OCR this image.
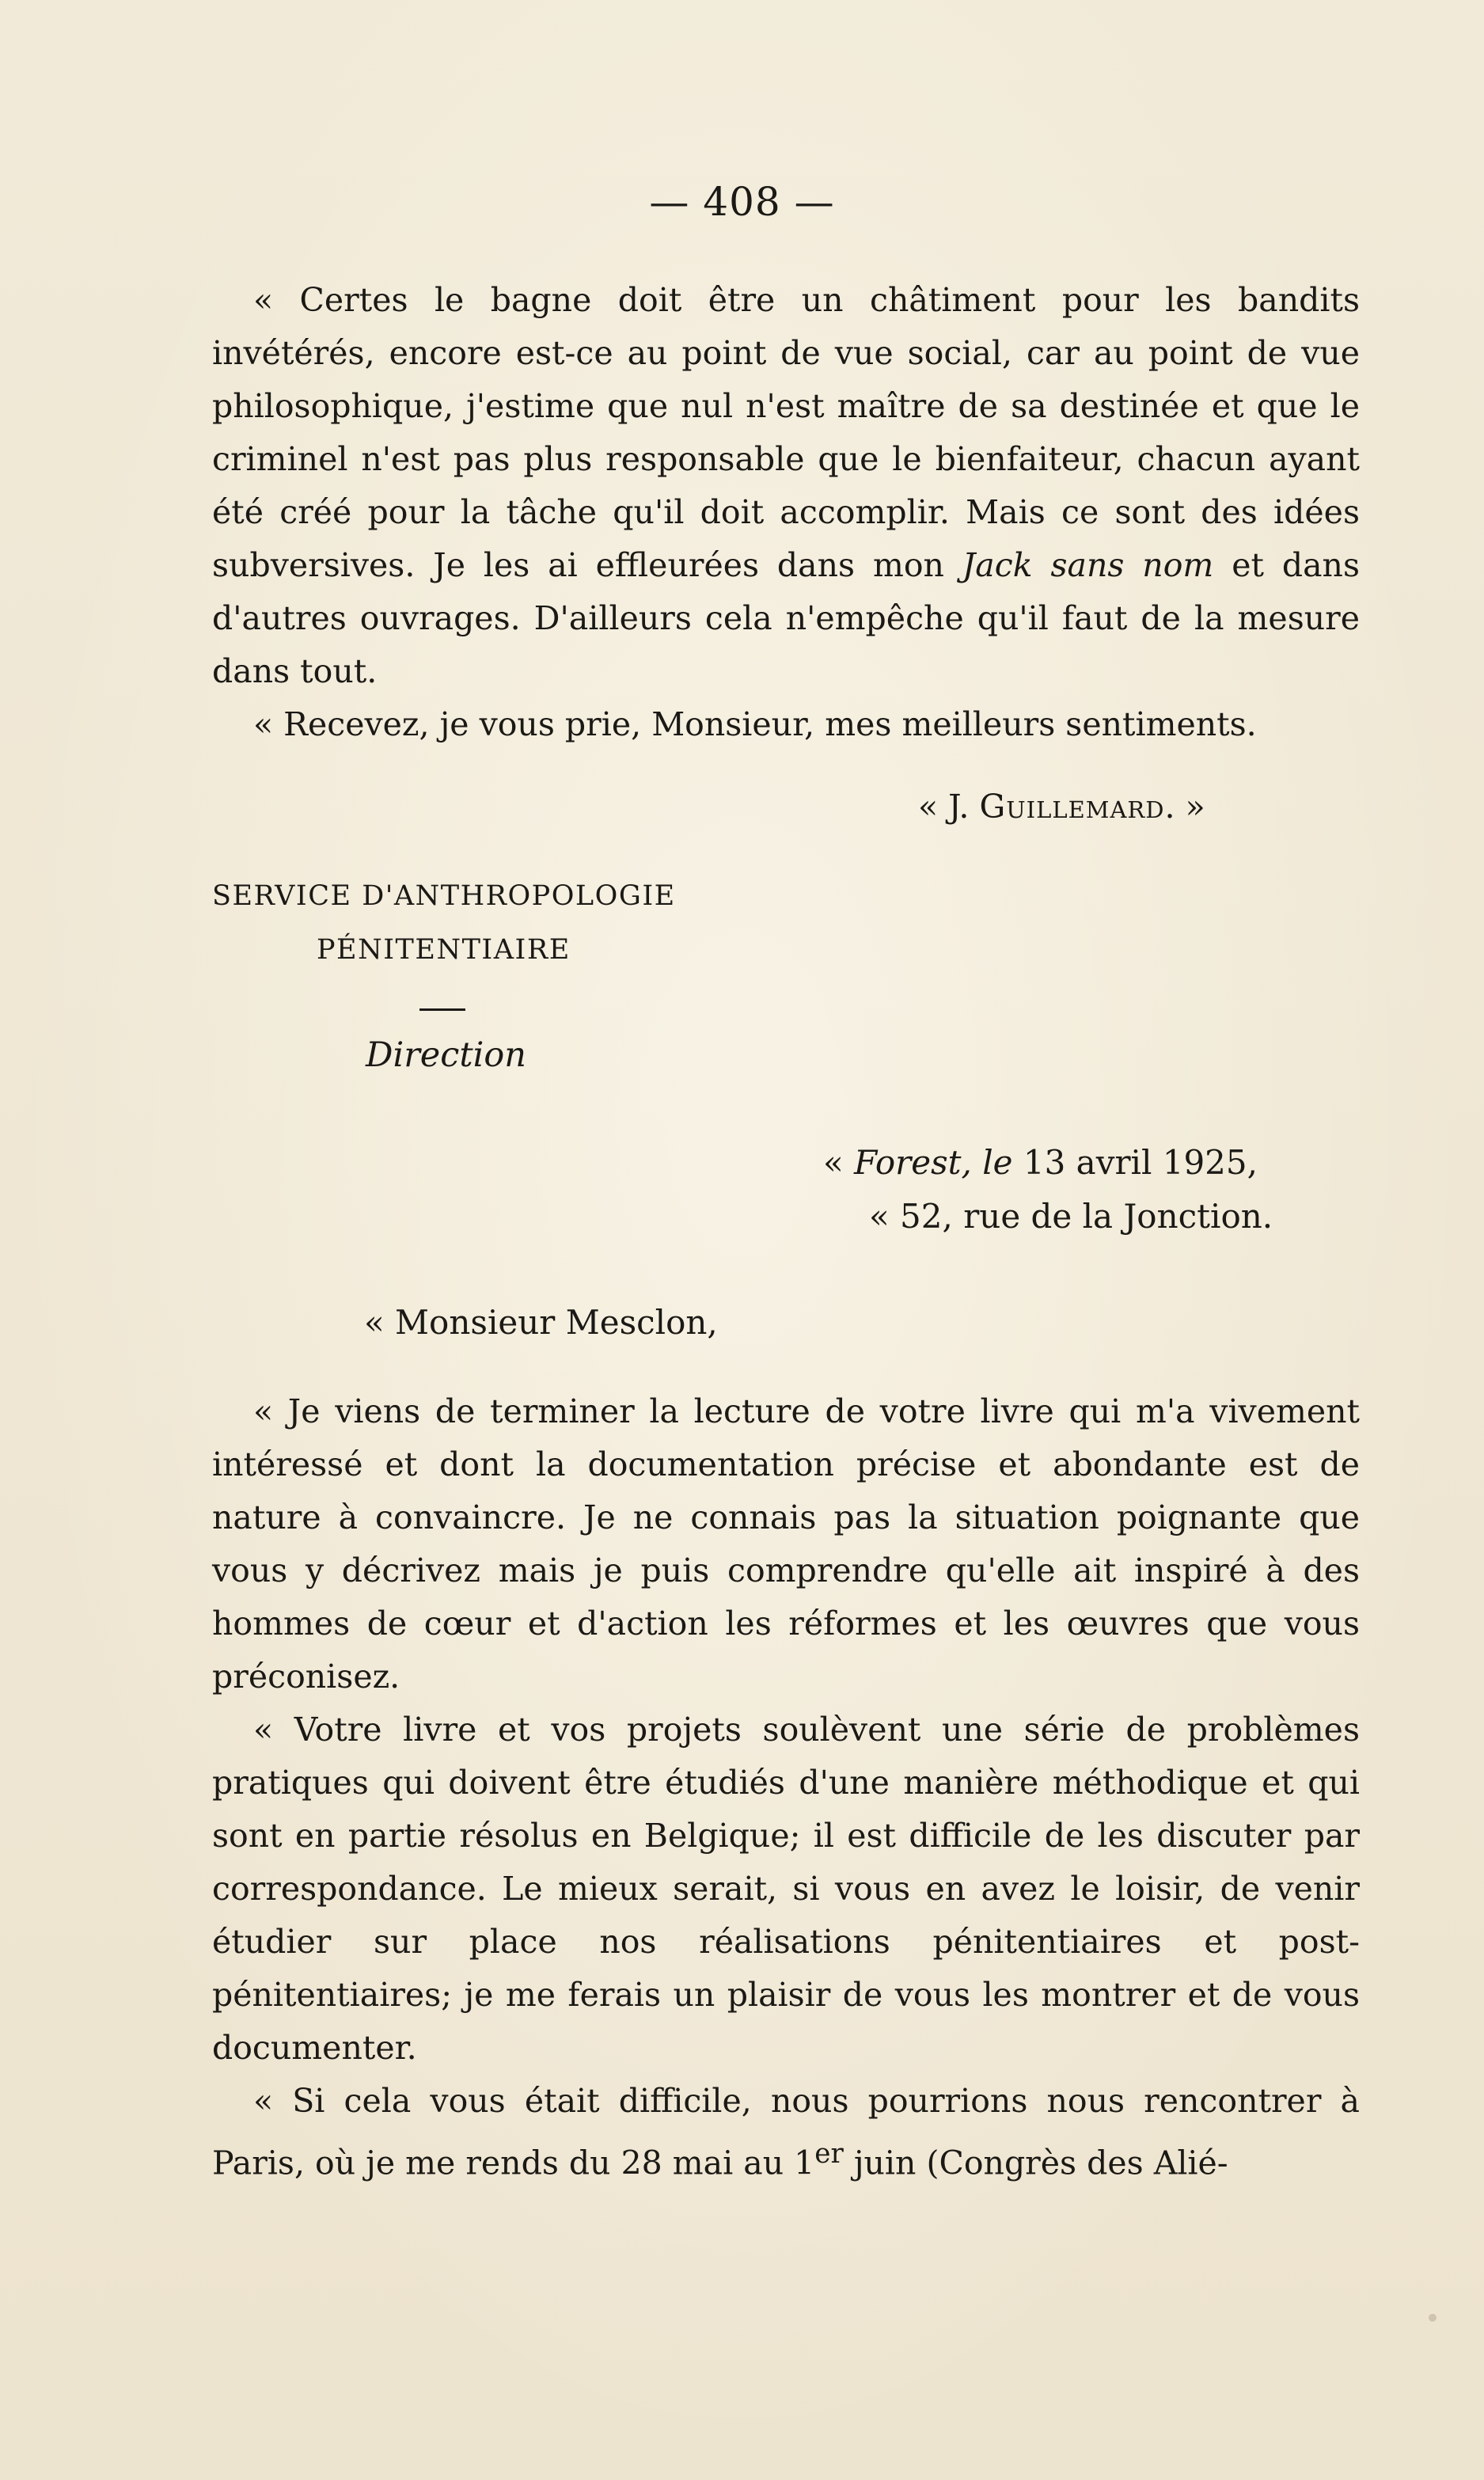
— 408 —

« Certes le bagne doit être un châtiment pour les bandits invétérés, encore est-ce au point de vue social, car au point de vue philosophique, j'estime que nul n'est maître de sa destinée et que le criminel n'est pas plus responsable que le bienfaiteur, chacun ayant été créé pour la tâche qu'il doit accomplir. Mais ce sont des idées subversives. Je les ai effleurées dans mon Jack sans nom et dans d'autres ouvrages. D'ailleurs cela n'empêche qu'il faut de la mesure dans tout.

« Recevez, je vous prie, Monsieur, mes meilleurs sentiments.

« J. Guillemard. »
SERVICE D'ANTHROPOLOGIE
PÉNITENTIAIRE
Direction
« Forest, le 13 avril 1925,
« 52, rue de la Jonction.
« Monsieur Mesclon,

« Je viens de terminer la lecture de votre livre qui m'a vivement intéressé et dont la documentation précise et abondante est de nature à convaincre. Je ne connais pas la situation poignante que vous y décrivez mais je puis comprendre qu'elle ait inspiré à des hommes de cœur et d'action les réformes et les œuvres que vous préconisez.

« Votre livre et vos projets soulèvent une série de problèmes pratiques qui doivent être étudiés d'une manière méthodique et qui sont en partie résolus en Belgique; il est difficile de les discuter par correspondance. Le mieux serait, si vous en avez le loisir, de venir étudier sur place nos réalisations pénitentiaires et post-pénitentiaires; je me ferais un plaisir de vous les montrer et de vous documenter.

« Si cela vous était difficile, nous pourrions nous rencontrer à Paris, où je me rends du 28 mai au 1er juin (Congrès des Alié-
